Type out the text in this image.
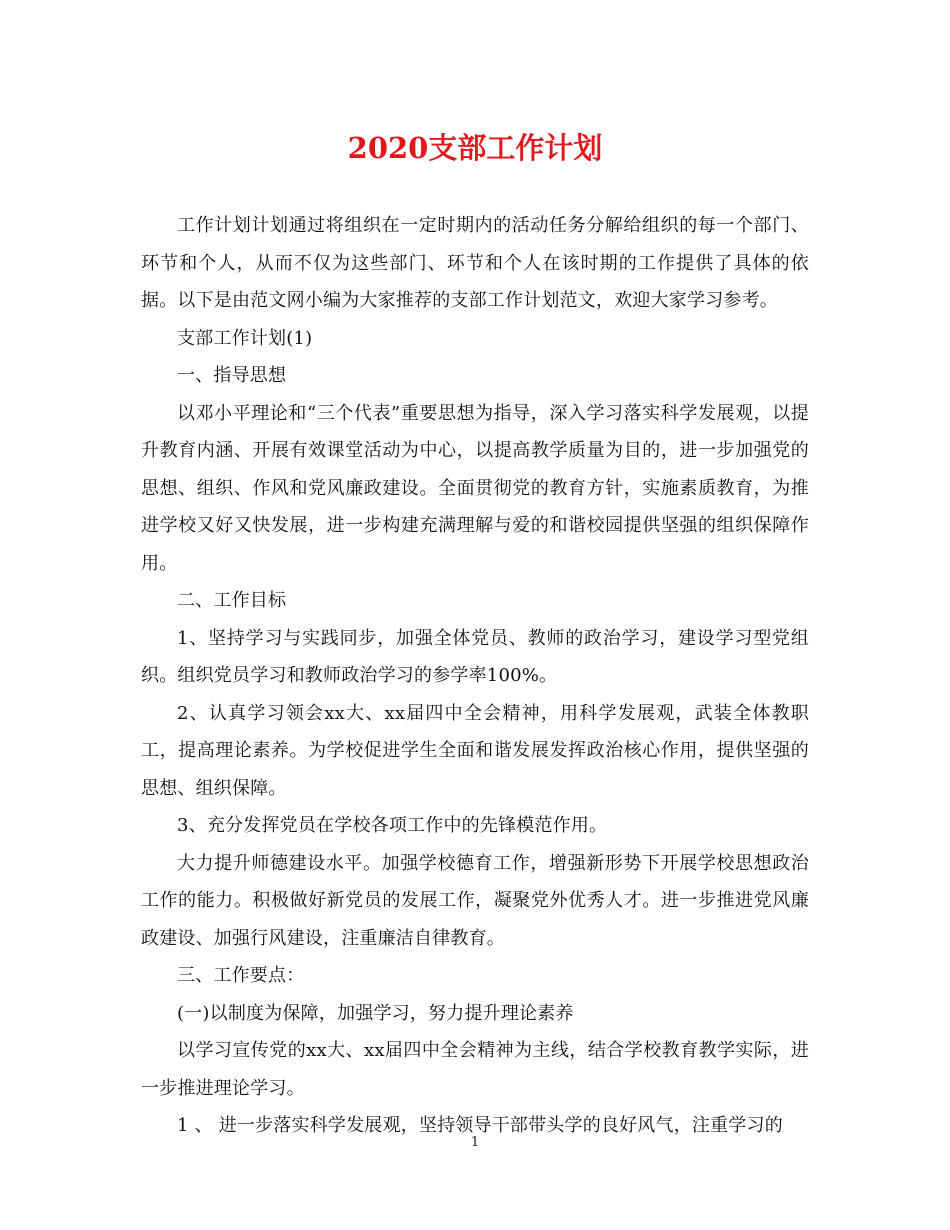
2020支部工作计划

工作计划计划通过将组织在一定时期内的活动任务分解给组织的每一个部门、环节和个人，从而不仅为这些部门、环节和个人在该时期的工作提供了具体的依据。以下是由范文网小编为大家推荐的支部工作计划范文，欢迎大家学习参考。

支部工作计划(1)

一、指导思想

以邓小平理论和“三个代表”重要思想为指导，深入学习落实科学发展观，以提升教育内涵、开展有效课堂活动为中心，以提高教学质量为目的，进一步加强党的思想、组织、作风和党风廉政建设。全面贯彻党的教育方针，实施素质教育，为推进学校又好又快发展，进一步构建充满理解与爱的和谐校园提供坚强的组织保障作用。

二、工作目标

1、坚持学习与实践同步，加强全体党员、教师的政治学习，建设学习型党组织。组织党员学习和教师政治学习的参学率100%。

2、认真学习领会xx大、xx届四中全会精神，用科学发展观，武装全体教职工，提高理论素养。为学校促进学生全面和谐发展发挥政治核心作用，提供坚强的思想、组织保障。

3、充分发挥党员在学校各项工作中的先锋模范作用。

大力提升师德建设水平。加强学校德育工作，增强新形势下开展学校思想政治工作的能力。积极做好新党员的发展工作，凝聚党外优秀人才。进一步推进党风廉政建设、加强行风建设，注重廉洁自律教育。

三、工作要点：

(一)以制度为保障，加强学习，努力提升理论素养

以学习宣传党的xx大、xx届四中全会精神为主线，结合学校教育教学实际，进一步推进理论学习。

1 、 进一步落实科学发展观，坚持领导干部带头学的良好风气，注重学习的

1
